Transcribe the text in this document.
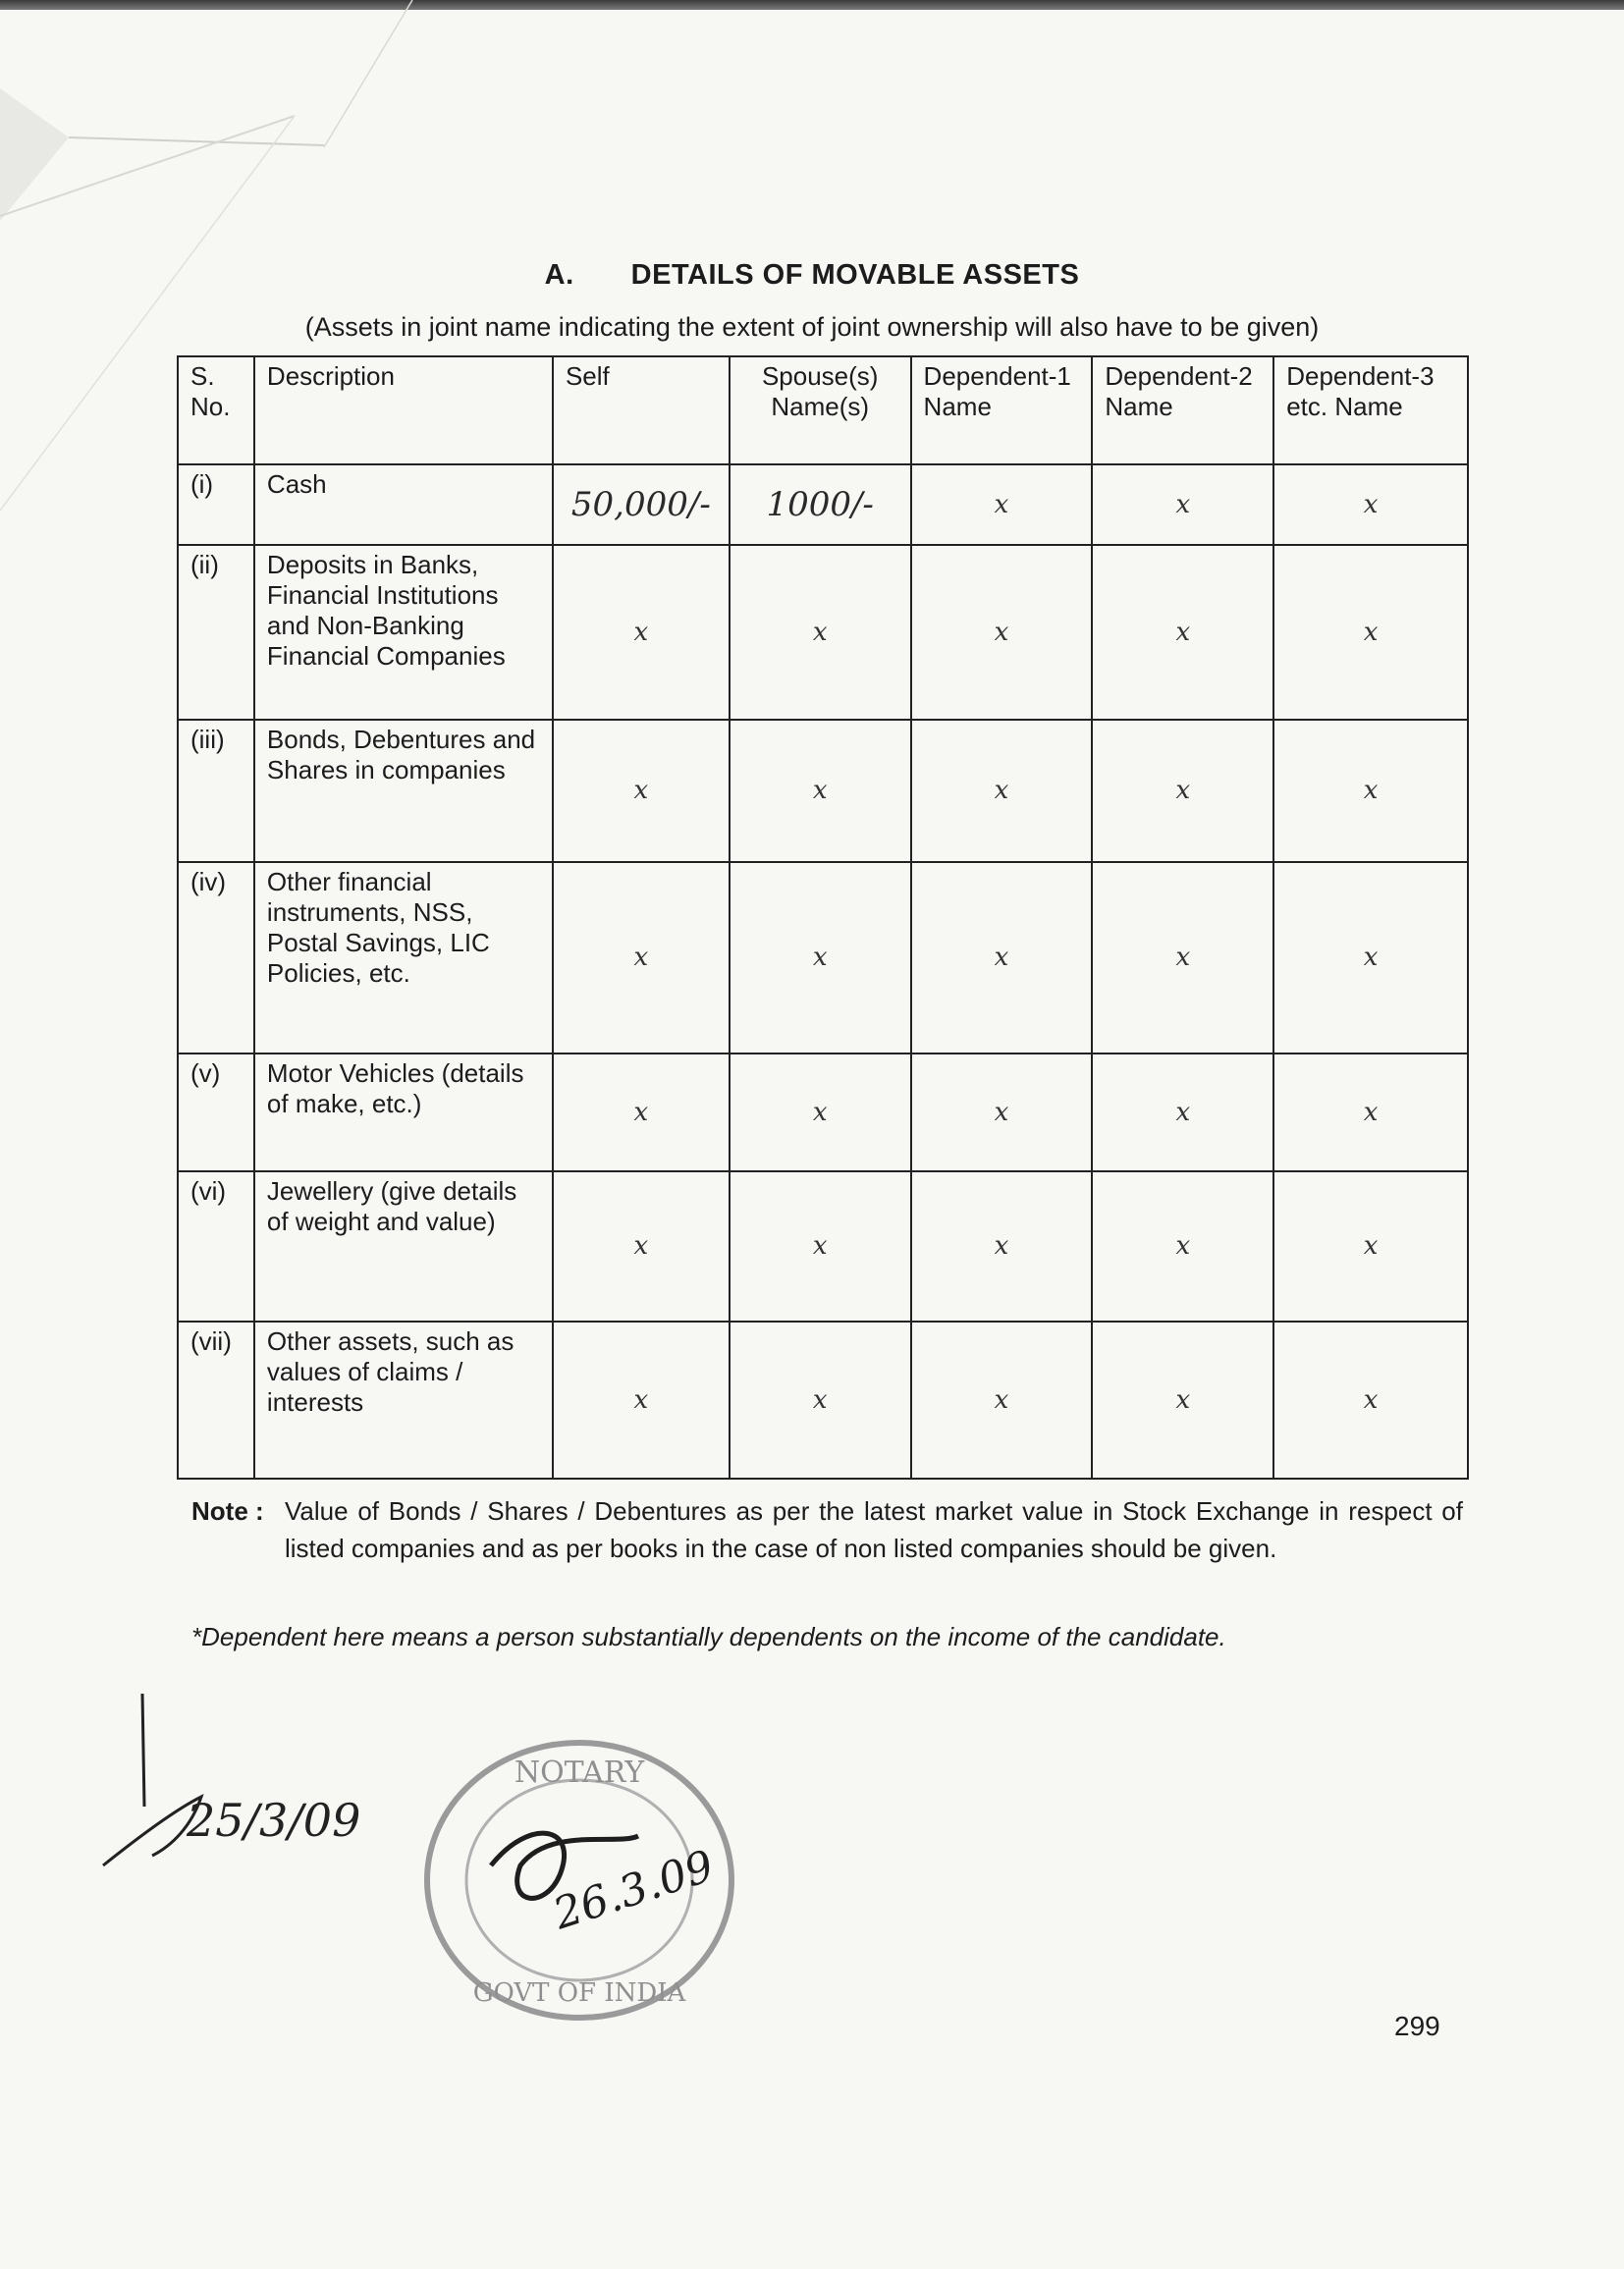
A. DETAILS OF MOVABLE ASSETS
(Assets in joint name indicating the extent of joint ownership will also have to be given)
S. No.	Description	Self	Spouse(s) Name(s)	Dependent-1 Name	Dependent-2 Name	Dependent-3 etc. Name
(i)	Cash	50,000/-	1000/-	x	x	x

(ii)	Deposits in Banks, Financial Institutions and Non-Banking Financial Companies	x	x	x	x	x

(iii)	Bonds, Debentures and Shares in companies	x	x	x	x	x

(iv)	Other financial instruments, NSS, Postal Savings, LIC Policies, etc.	x	x	x	x	x

(v)	Motor Vehicles (details of make, etc.)	x	x	x	x	x

(vi)	Jewellery (give details of weight and value)	x	x	x	x	x

(vii)	Other assets, such as values of claims / interests	x	x	x	x	x
Note : Value of Bonds / Shares / Debentures as per the latest market value in Stock Exchange in respect of listed companies and as per books in the case of non listed companies should be given.
*Dependent here means a person substantially dependents on the income of the candidate.
25/3/09
NOTARY
GOVT OF INDIA
26.3.09
299
